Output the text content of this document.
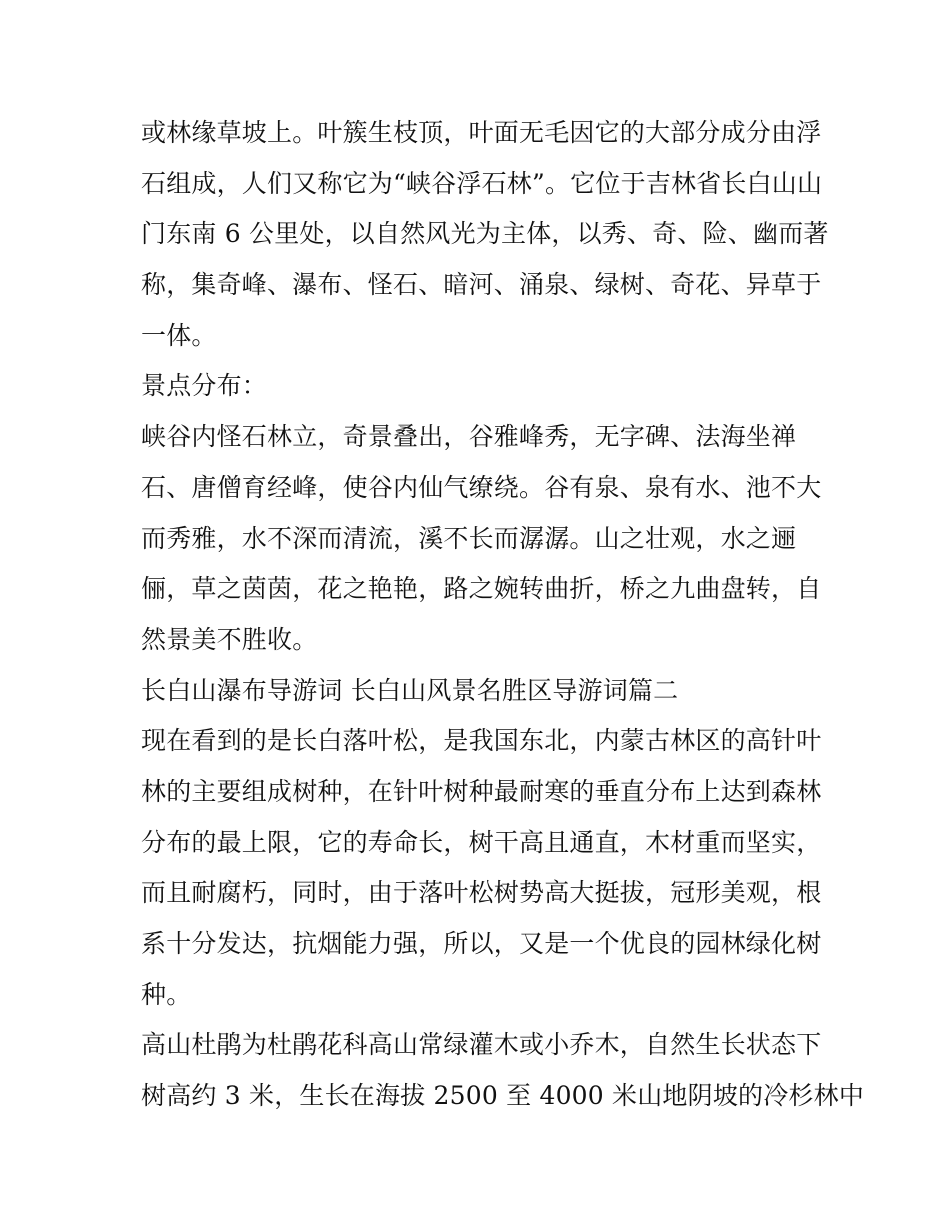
或林缘草坡上。叶簇生枝顶，叶面无毛因它的大部分成分由浮
石组成，人们又称它为“峡谷浮石林”。它位于吉林省长白山山
门东南 6 公里处，以自然风光为主体，以秀、奇、险、幽而著
称，集奇峰、瀑布、怪石、暗河、涌泉、绿树、奇花、异草于
一体。
景点分布：
峡谷内怪石林立，奇景叠出，谷雅峰秀，无字碑、法海坐禅
石、唐僧育经峰，使谷内仙气缭绕。谷有泉、泉有水、池不大
而秀雅，水不深而清流，溪不长而潺潺。山之壮观，水之逦
俪，草之茵茵，花之艳艳，路之婉转曲折，桥之九曲盘转，自
然景美不胜收。
长白山瀑布导游词 长白山风景名胜区导游词篇二
现在看到的是长白落叶松，是我国东北，内蒙古林区的高针叶
林的主要组成树种，在针叶树种最耐寒的垂直分布上达到森林
分布的最上限，它的寿命长，树干高且通直，木材重而坚实，
而且耐腐朽，同时，由于落叶松树势高大挺拔，冠形美观，根
系十分发达，抗烟能力强，所以，又是一个优良的园林绿化树
种。
高山杜鹃为杜鹃花科高山常绿灌木或小乔木，自然生长状态下
树高约 3 米，生长在海拔 2500 至 4000 米山地阴坡的冷杉林中
